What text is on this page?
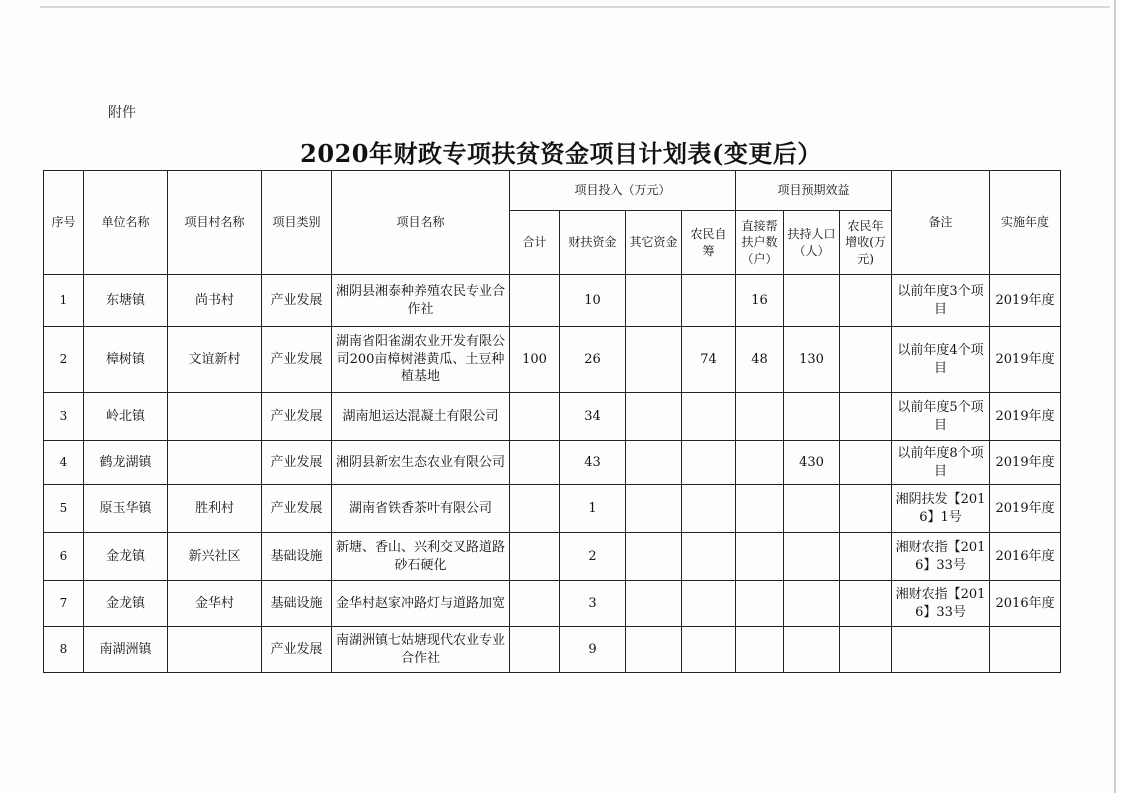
附件
2020年财政专项扶贫资金项目计划表(变更后）
序号	单位名称	项目村名称	项目类别	项目名称	项目投入（万元）				项目预期效益			备注	实施年度
					合计	财扶资金	其它资金	农民自筹	直接帮扶户数（户）	扶持人口（人）	农民年增收(万元)		
1	东塘镇	尚书村	产业发展	湘阴县湘泰种养殖农民专业合作社		10			16			以前年度3个项目	2019年度
2	樟树镇	文谊新村	产业发展	湖南省阳雀湖农业开发有限公司200亩樟树港黄瓜、土豆种植基地	100	26		74	48	130		以前年度4个项目	2019年度
3	岭北镇		产业发展	湖南旭运达混凝土有限公司		34						以前年度5个项目	2019年度
4	鹤龙湖镇		产业发展	湘阴县新宏生态农业有限公司		43				430		以前年度8个项目	2019年度
5	原玉华镇	胜利村	产业发展	湖南省铁香茶叶有限公司		1						湘阴扶发【2016】1号	2019年度
6	金龙镇	新兴社区	基础设施	新塘、香山、兴利交叉路道路砂石硬化		2						湘财农指【2016】33号	2016年度
7	金龙镇	金华村	基础设施	金华村赵家冲路灯与道路加宽		3						湘财农指【2016】33号	2016年度
8	南湖洲镇		产业发展	南湖洲镇七姑塘现代农业专业合作社		9							
